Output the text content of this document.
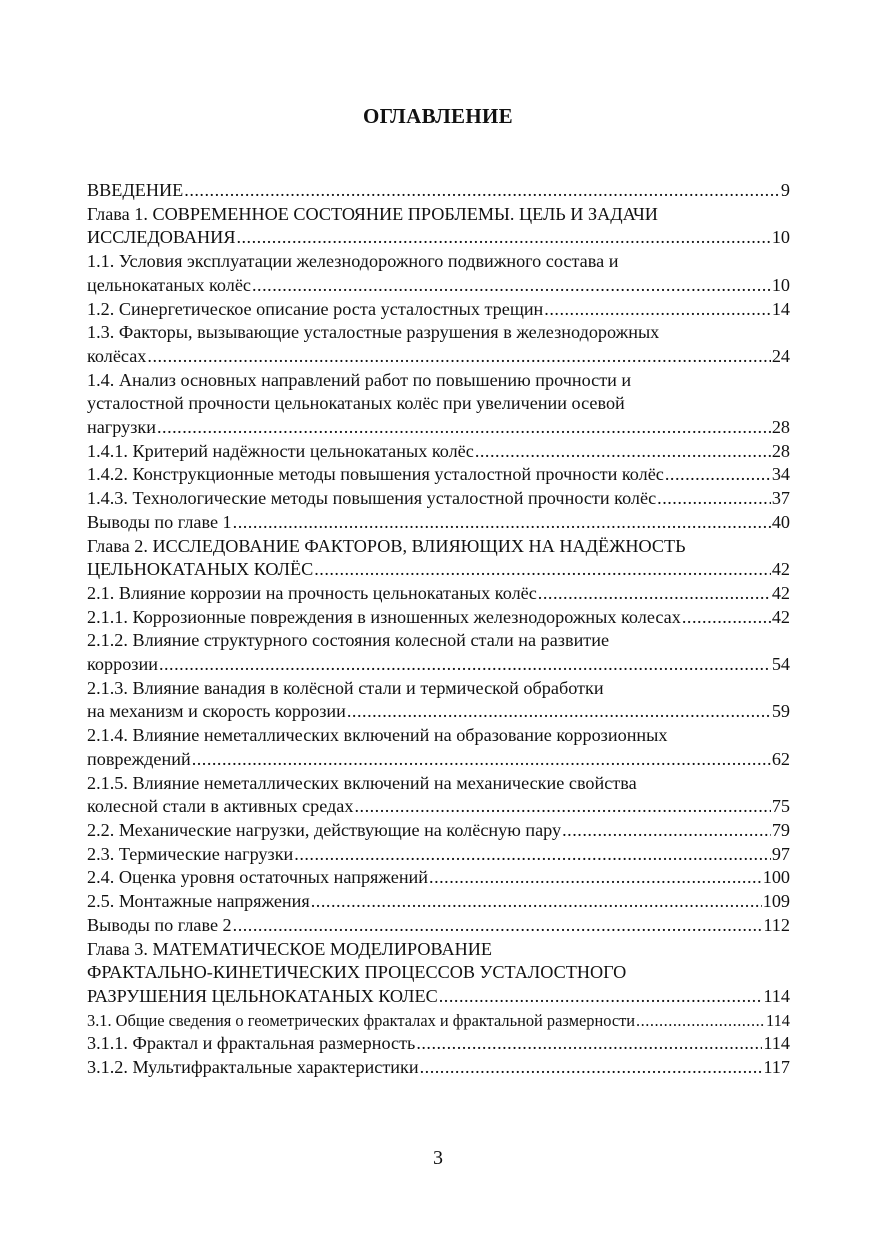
ОГЛАВЛЕНИЕ
ВВЕДЕНИЕ .....	9
Глава 1. СОВРЕМЕННОЕ СОСТОЯНИЕ ПРОБЛЕМЫ. ЦЕЛЬ И ЗАДАЧИ
ИССЛЕДОВАНИЯ .....	10
1.1. Условия эксплуатации железнодорожного подвижного состава и
цельнокатаных колёс .....	10
1.2. Синергетическое описание роста усталостных трещин .....	14
1.3. Факторы, вызывающие усталостные разрушения в железнодорожных
колёсах .....	24
1.4. Анализ основных направлений работ по повышению прочности и
усталостной прочности цельнокатаных колёс при увеличении осевой
нагрузки .....	28
1.4.1. Критерий надёжности цельнокатаных колёс .....	28
1.4.2. Конструкционные методы повышения усталостной прочности колёс .....	34
1.4.3. Технологические методы повышения усталостной прочности колёс .....	37
Выводы по главе 1 .....	40
Глава 2. ИССЛЕДОВАНИЕ ФАКТОРОВ, ВЛИЯЮЩИХ НА НАДЁЖНОСТЬ
ЦЕЛЬНОКАТАНЫХ КОЛЁС .....	42
2.1. Влияние коррозии на прочность цельнокатаных колёс .....	42
2.1.1. Коррозионные повреждения в изношенных железнодорожных колесах .....	42
2.1.2. Влияние структурного состояния колесной стали на развитие
коррозии .....	54
2.1.3. Влияние ванадия в колёсной стали и термической обработки
на механизм и скорость коррозии .....	59
2.1.4. Влияние неметаллических включений на образование коррозионных
повреждений .....	62
2.1.5. Влияние неметаллических включений на механические свойства
колесной стали в активных средах .....	75
2.2. Механические нагрузки, действующие на колёсную пару .....	79
2.3. Термические нагрузки .....	97
2.4. Оценка уровня остаточных напряжений .....	100
2.5. Монтажные напряжения .....	109
Выводы по главе 2 .....	112
Глава 3. МАТЕМАТИЧЕСКОЕ МОДЕЛИРОВАНИЕ
ФРАКТАЛЬНО-КИНЕТИЧЕСКИХ ПРОЦЕССОВ УСТАЛОСТНОГО
РАЗРУШЕНИЯ ЦЕЛЬНОКАТАНЫХ КОЛЕС .....	114
3.1. Общие сведения о геометрических фракталах и фрактальной размерности .....	114
3.1.1. Фрактал и фрактальная размерность .....	114
3.1.2. Мультифрактальные характеристики .....	117
3
